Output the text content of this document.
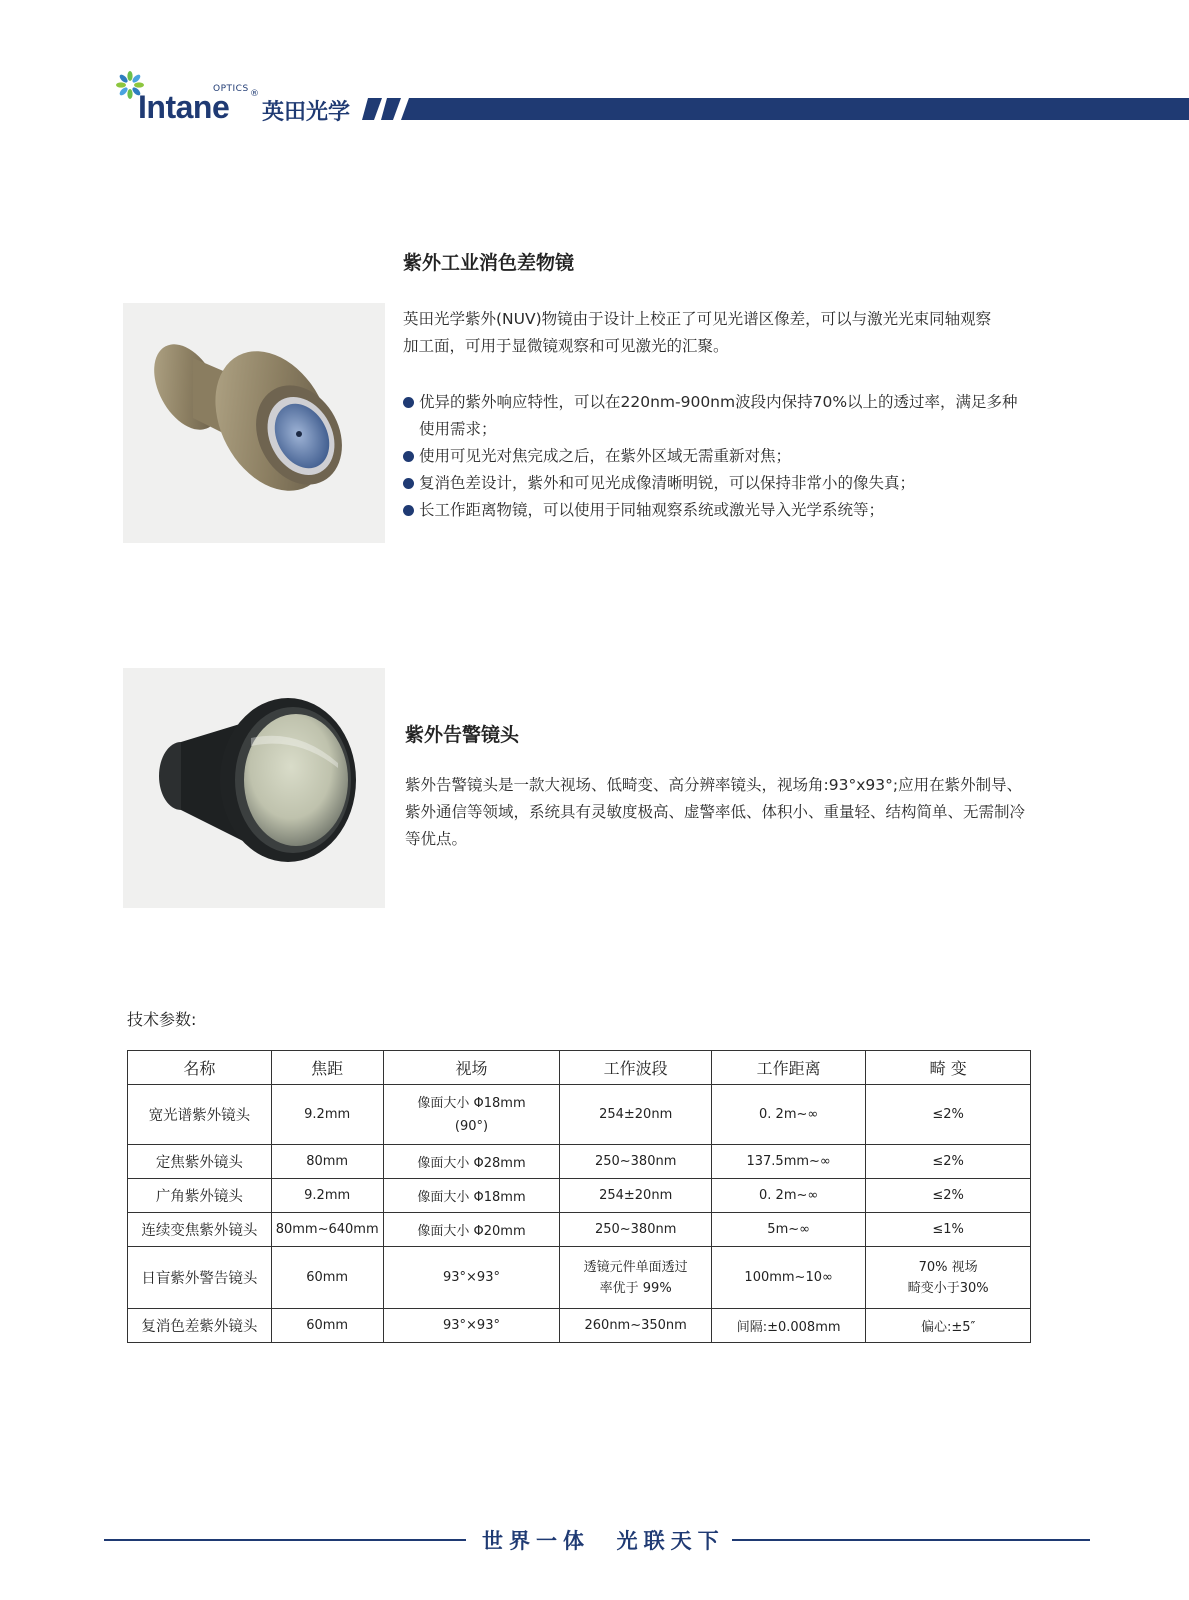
OPTICS
Intane ®
英田光学
紫外工业消色差物镜
英田光学紫外(NUV)物镜由于设计上校正了可见光谱区像差，可以与激光光束同轴观察
加工面，可用于显微镜观察和可见激光的汇聚。
优异的紫外响应特性，可以在220nm-900nm波段内保持70%以上的透过率，满足多种
使用需求；
使用可见光对焦完成之后，在紫外区域无需重新对焦；
复消色差设计，紫外和可见光成像清晰明锐，可以保持非常小的像失真；
长工作距离物镜，可以使用于同轴观察系统或激光导入光学系统等；
紫外告警镜头
紫外告警镜头是一款大视场、低畸变、高分辨率镜头，视场角:93°x93°;应用在紫外制导、
紫外通信等领域，系统具有灵敏度极高、虚警率低、体积小、重量轻、结构简单、无需制冷
等优点。
技术参数:
名称	焦距	视场	工作波段	工作距离	畸 变
宽光谱紫外镜头	9.2mm	像面大小 Φ18mm
(90°)	254±20nm	0. 2m~∞	≤2%
定焦紫外镜头	80mm	像面大小 Φ28mm	250~380nm	137.5mm~∞	≤2%
广角紫外镜头	9.2mm	像面大小 Φ18mm	254±20nm	0. 2m~∞	≤2%
连续变焦紫外镜头	80mm~640mm	像面大小 Φ20mm	250~380nm	5m~∞	≤1%
日盲紫外警告镜头	60mm	93°×93°	透镜元件单面透过
率优于 99%	100mm~10∞	70% 视场
畸变小于30%
复消色差紫外镜头	60mm	93°×93°	260nm~350nm	间隔:±0.008mm	偏心:±5″
世界一体  光联天下
